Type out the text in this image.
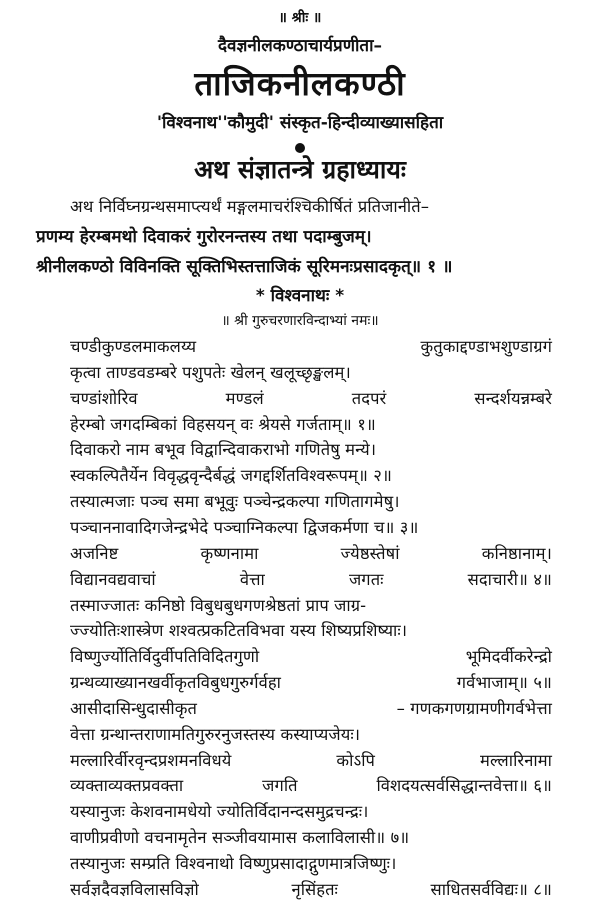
॥ श्रीः ॥
दैवज्ञनीलकण्ठाचार्यप्रणीता–
ताजिकनीलकण्ठी
'विश्वनाथ''कौमुदी' संस्कृत-हिन्दीव्याख्यासहिता
अथ संज्ञातन्त्रे ग्रहाध्यायः
अथ निर्विघ्नग्रन्थसमाप्त्यर्थं मङ्गलमाचरंश्चिकीर्षितं प्रतिजानीते–
प्रणम्य हेरम्बमथो दिवाकरं गुरोरनन्तस्य तथा पदाम्बुजम्।
श्रीनीलकण्ठो विविनक्ति सूक्तिभिस्तत्ताजिकं सूरिमनःप्रसादकृत्॥ १ ॥
* विश्वनाथः *
॥ श्री गुरुचरणारविन्दाभ्यां नमः॥
चण्डीकुण्डलमाकलय्य	कुतुकाद्दण्डाभशुण्डाग्रगं
कृत्वा ताण्डवडम्बरे पशुपतेः खेलन् खलूच्छृङ्खलम्।
चण्डांशोरिव	मण्डलं	तदपरं	सन्दर्शयन्नम्बरे
हेरम्बो जगदम्बिकां विहसयन् वः श्रेयसे गर्जताम्॥ १॥
दिवाकरो नाम बभूव विद्वान्दिवाकराभो गणितेषु मन्ये।
स्वकल्पितैर्येन विवृद्धवृन्दैर्बद्धं जगद्दर्शितविश्वरूपम्॥ २॥
तस्यात्मजाः पञ्च समा बभूवुः पञ्चेन्द्रकल्पा गणितागमेषु।
पञ्चाननावादिगजेन्द्रभेदे पञ्चाग्निकल्पा द्विजकर्मणा च॥ ३॥
अजनिष्ट	कृष्णनामा	ज्येष्ठस्तेषां	कनिष्ठानाम्।
विद्यानवद्यवाचां	वेत्ता	जगतः	सदाचारी॥ ४॥
तस्माज्जातः कनिष्ठो विबुधबुधगणश्रेष्ठतां प्राप जाग्र-
ज्ज्योतिःशास्त्रेण शश्वत्प्रकटितविभवा यस्य शिष्यप्रशिष्याः।
विष्णुर्ज्योतिर्विदुर्वीपतिविदितगुणो	भूमिदर्वीकरेन्द्रो
ग्रन्थव्याख्यानखर्वीकृतविबुधगुरुर्गर्वहा	गर्वभाजाम्॥ ५॥
आसीदासिन्धुदासीकृत	– गणकगणग्रामणीगर्वभेत्ता
वेत्ता ग्रन्थान्तराणामतिगुरुरनुजस्तस्य कस्याप्यजेयः।
मल्लारिर्वीरवृन्दप्रशमनविधये	कोऽपि	मल्लारिनामा
व्यक्ताव्यक्तप्रवक्ता	जगति	विशदयत्सर्वसिद्धान्तवेत्ता॥ ६॥
यस्यानुजः केशवनामधेयो ज्योतिर्विदानन्दसमुद्रचन्द्रः।
वाणीप्रवीणो वचनामृतेन सञ्जीवयामास कलाविलासी॥ ७॥
तस्यानुजः सम्प्रति विश्वनाथो विष्णुप्रसादाद्गुणमात्रजिष्णुः।
सर्वज्ञदैवज्ञविलासविज्ञो	नृसिंहतः	साधितसर्वविद्यः॥ ८॥
